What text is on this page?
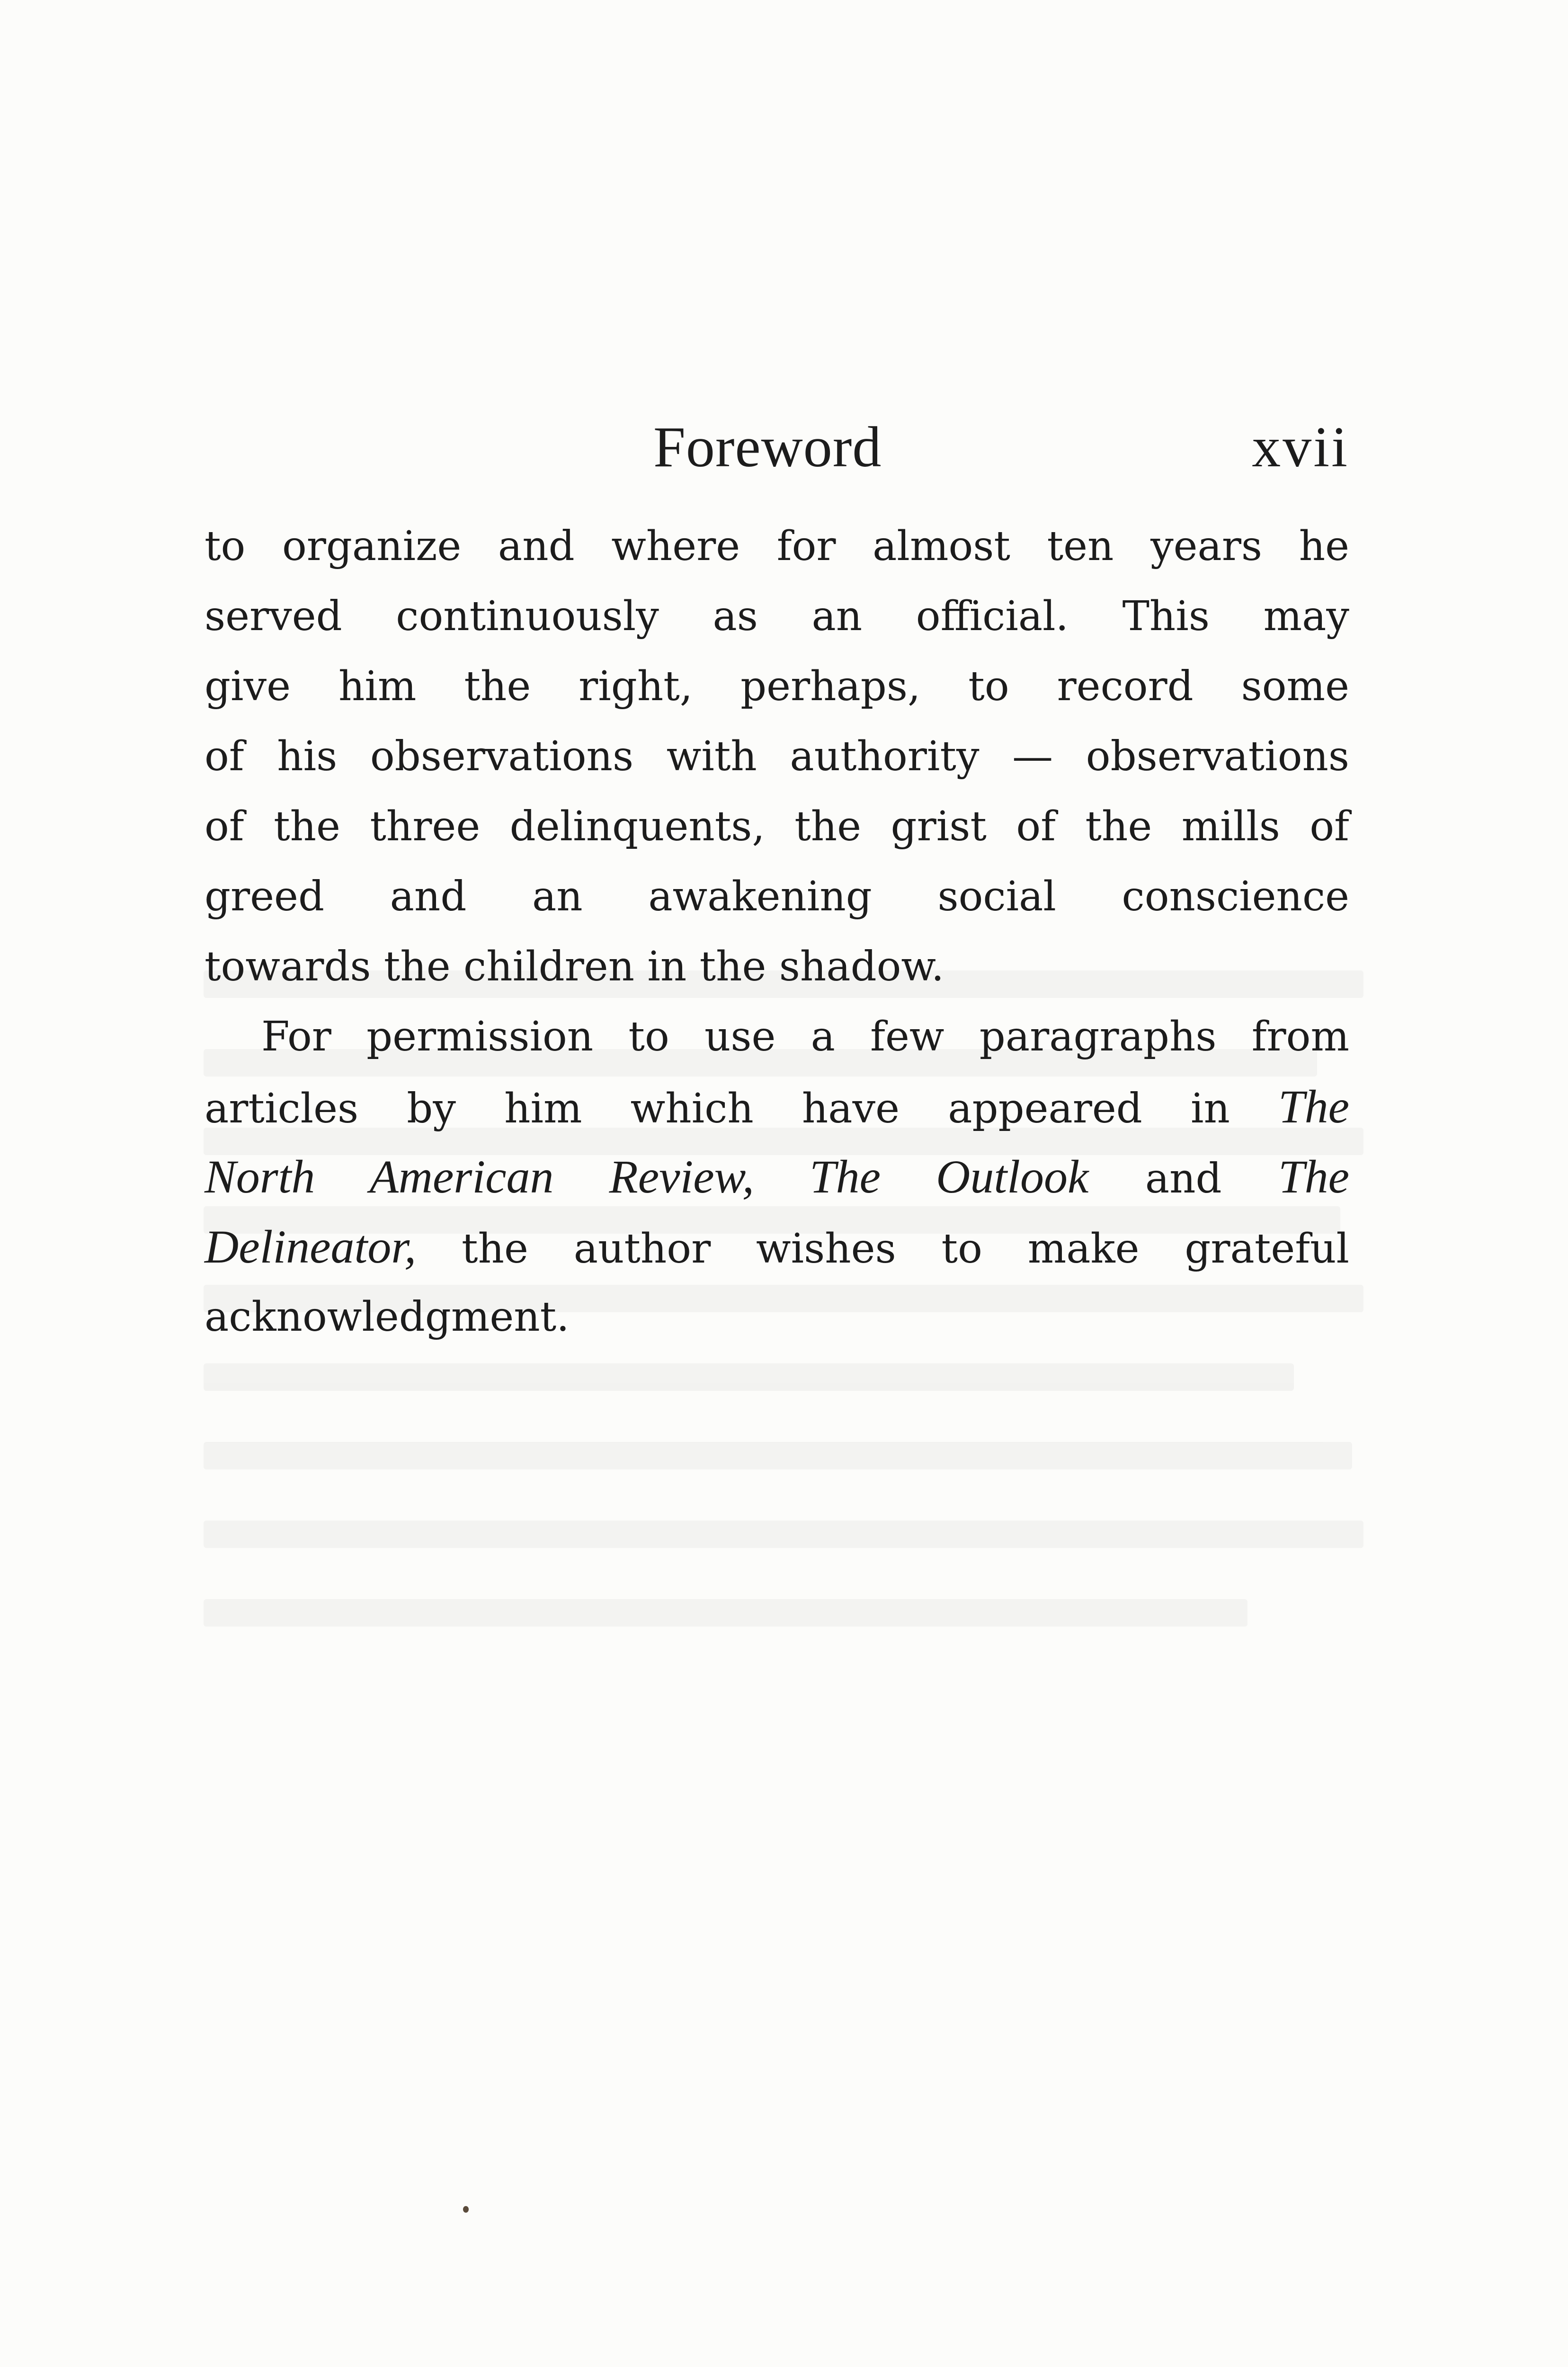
Foreword	xvii
to organize and where for almost ten years he
served continuously as an official. This may
give him the right, perhaps, to record some
of his observations with authority — observations
of the three delinquents, the grist of the mills of
greed and an awakening social conscience
towards the children in the shadow.
For permission to use a few paragraphs from
articles by him which have appeared in The
North American Review, The Outlook and The
Delineator, the author wishes to make grateful
acknowledgment.
